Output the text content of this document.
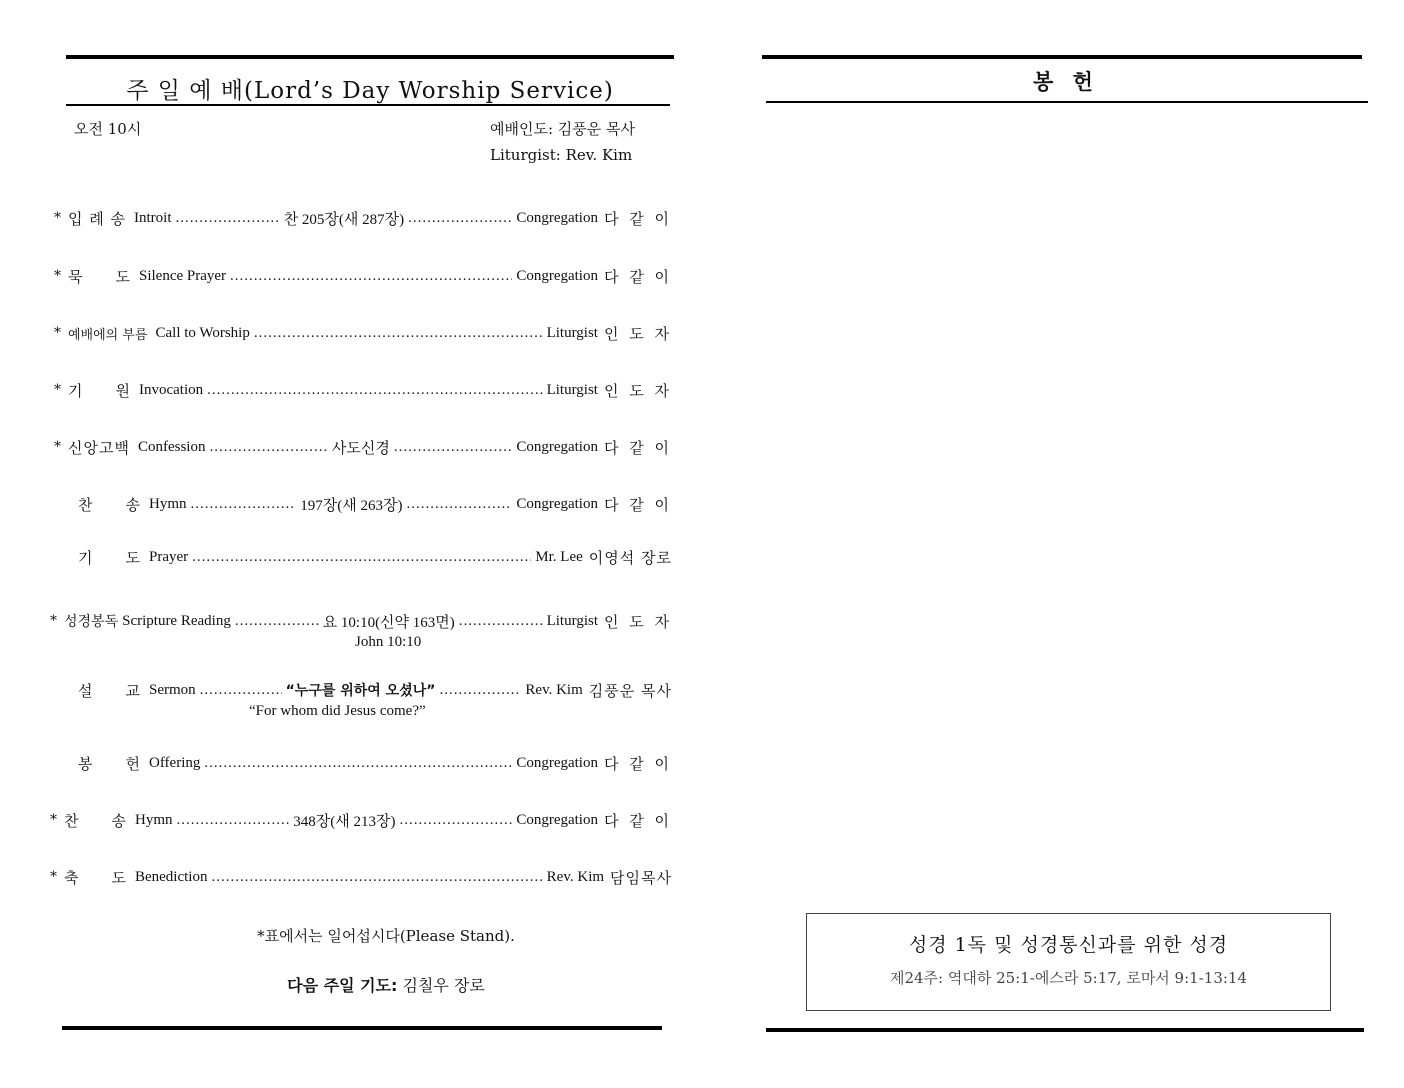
주 일 예 배(Lord’s Day Worship Service)
오전 10시	예배인도: 김풍운 목사
Liturgist: Rev. Kim
* 입 례 송 Introit .....	찬 205장(새 287장) .....	Congregation 다 같 이
* 묵　　도 Silence Prayer .....	Congregation 다 같 이
* 예배에의 부름 Call to Worship .....	Liturgist 인 도 자
* 기　　원 Invocation .....	Liturgist 인 도 자
* 신앙고백 Confession .....	사도신경 .....	Congregation 다 같 이
찬　　송 Hymn .....	197장(새 263장) .....	Congregation 다 같 이
기　　도 Prayer .....	Mr. Lee 이영석 장로
* 성경봉독 Scripture Reading .....	요 10:10(신약 163면) .....	Liturgist 인 도 자
John 10:10
설　　교 Sermon .....	“누구를 위하여 오셨나” .....	Rev. Kim 김풍운 목사
“For whom did Jesus come?”
봉　　헌 Offering .....	Congregation 다 같 이
* 찬　　송 Hymn .....	348장(새 213장) .....	Congregation 다 같 이
* 축　　도 Benediction .....	Rev. Kim 담임목사
*표에서는 일어섭시다(Please Stand).
다음 주일 기도: 김칠우 장로
봉 헌
성경 1독 및 성경통신과를 위한 성경
제24주: 역대하 25:1-에스라 5:17, 로마서 9:1-13:14
